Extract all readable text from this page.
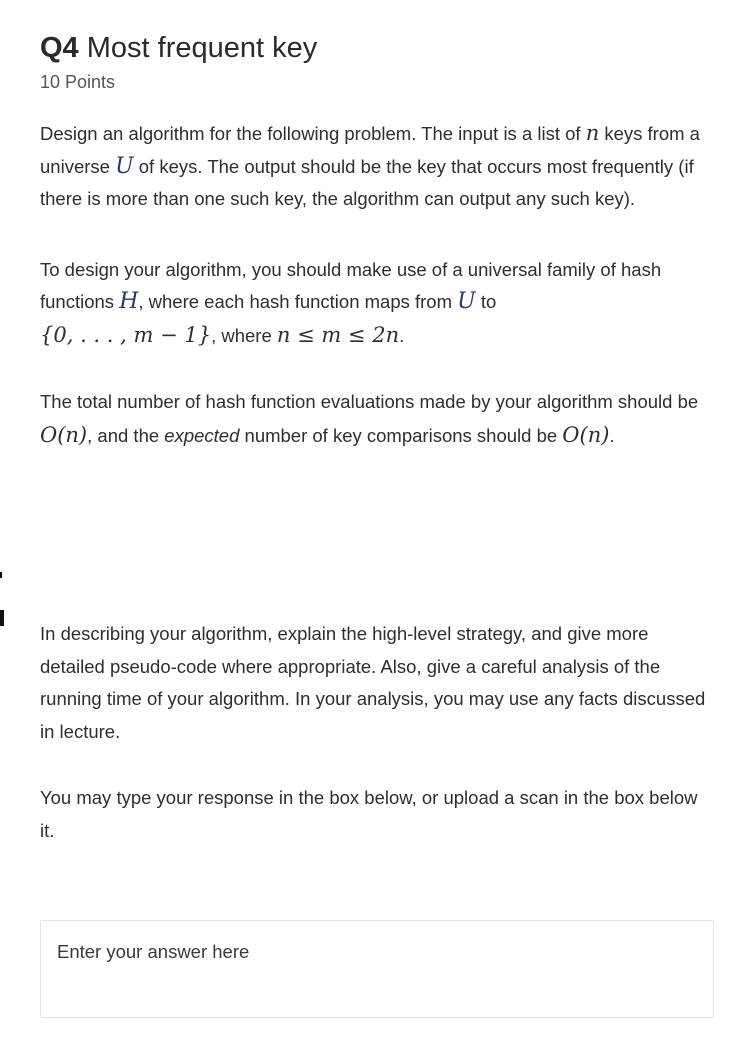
Q4 Most frequent key
10 Points

Design an algorithm for the following problem. The input is a list of n keys from a universe U of keys. The output should be the key that occurs most frequently (if there is more than one such key, the algorithm can output any such key).

To design your algorithm, you should make use of a universal family of hash functions H, where each hash function maps from U to
{0, . . . , m − 1}, where n ≤ m ≤ 2n.

The total number of hash function evaluations made by your algorithm should be O(n), and the expected number of key comparisons should be O(n).

In describing your algorithm, explain the high-level strategy, and give more detailed pseudo-code where appropriate. Also, give a careful analysis of the running time of your algorithm. In your analysis, you may use any facts discussed in lecture.

You may type your response in the box below, or upload a scan in the box below it.

Enter your answer here
